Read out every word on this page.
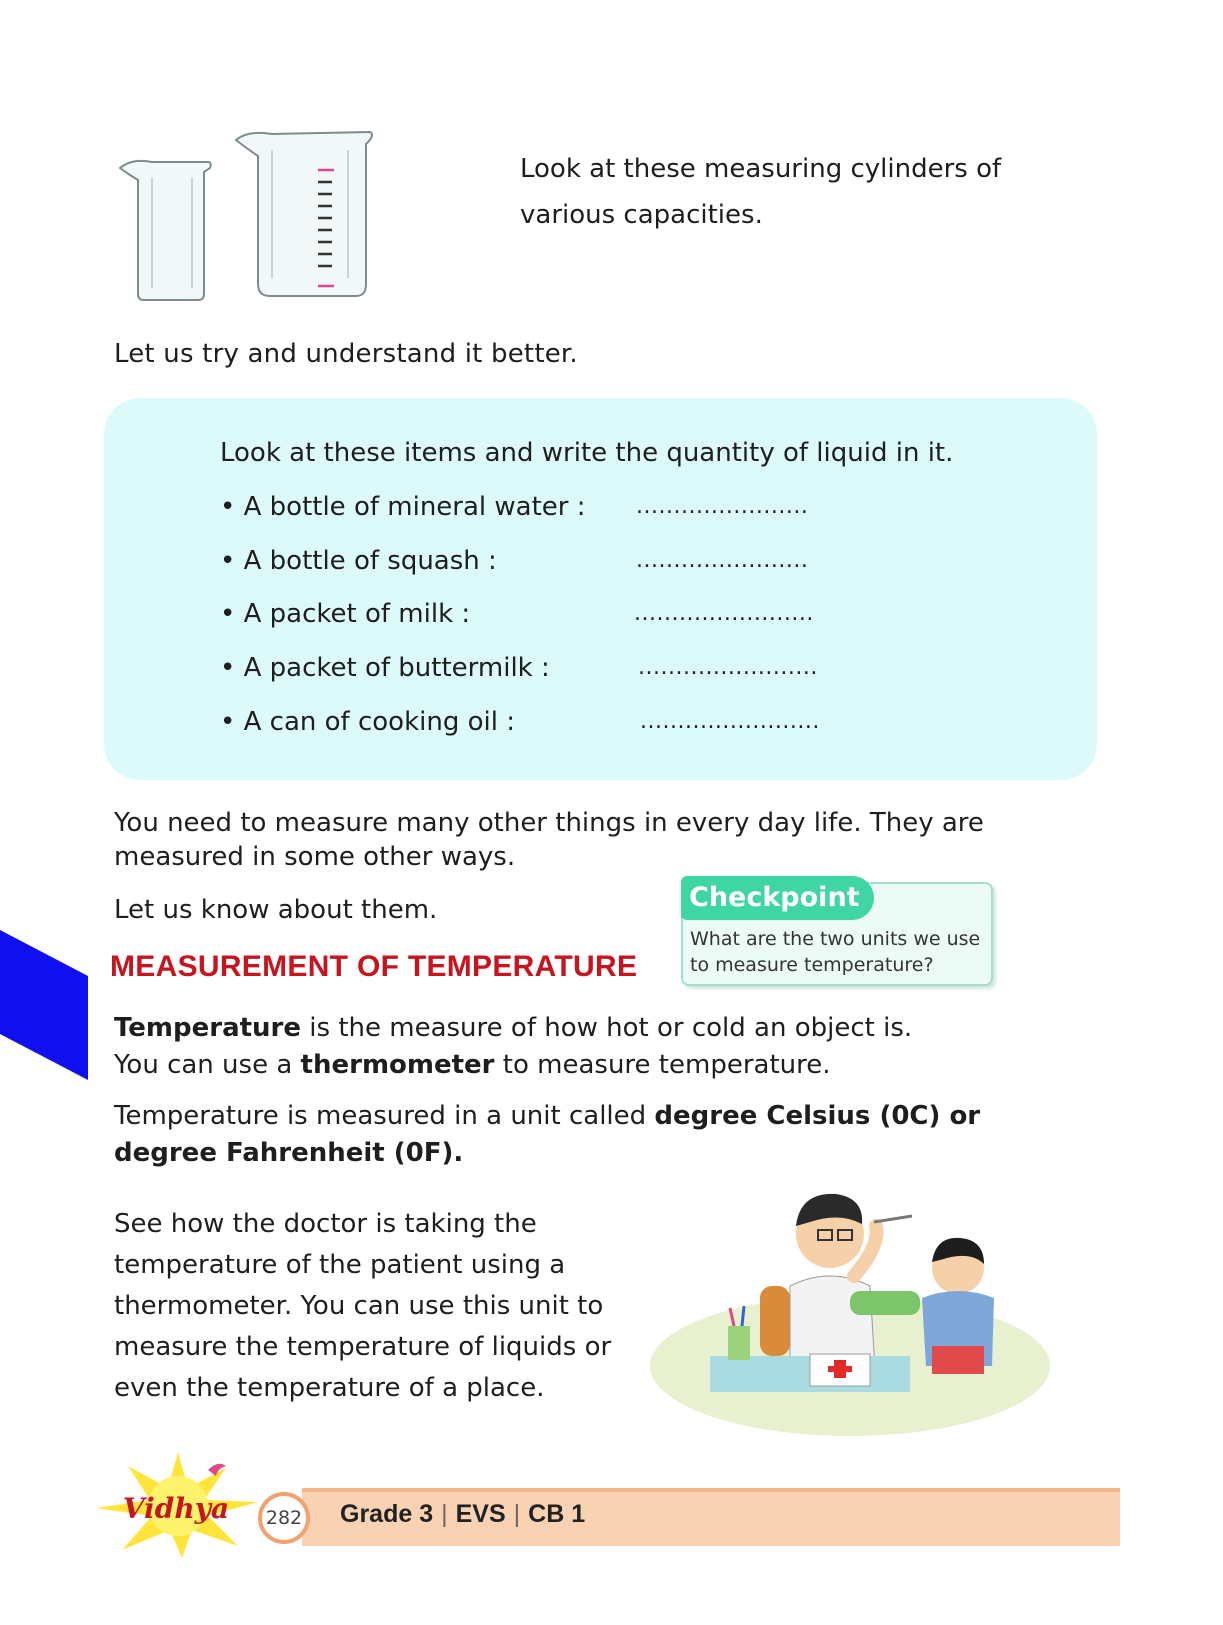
Look at these measuring cylinders of various capacities.
Let us try and understand it better.
Look at these items and write the quantity of liquid in it.
• A bottle of mineral water : .......................
• A bottle of squash :	.......................
• A packet of milk :	........................
• A packet of buttermilk :	........................
• A can of cooking oil :	........................
You need to measure many other things in every day life. They are measured in some other ways.
Let us know about them.	Checkpoint
What are the two units we use to measure temperature?
MEASUREMENT OF TEMPERATURE
Temperature is the measure of how hot or cold an object is.
You can use a thermometer to measure temperature.
Temperature is measured in a unit called degree Celsius (0C) or degree Fahrenheit (0F).
See how the doctor is taking the temperature of the patient using a thermometer. You can use this unit to measure the temperature of liquids or even the temperature of a place.
282	Grade 3 | EVS | CB 1
Vidhya
